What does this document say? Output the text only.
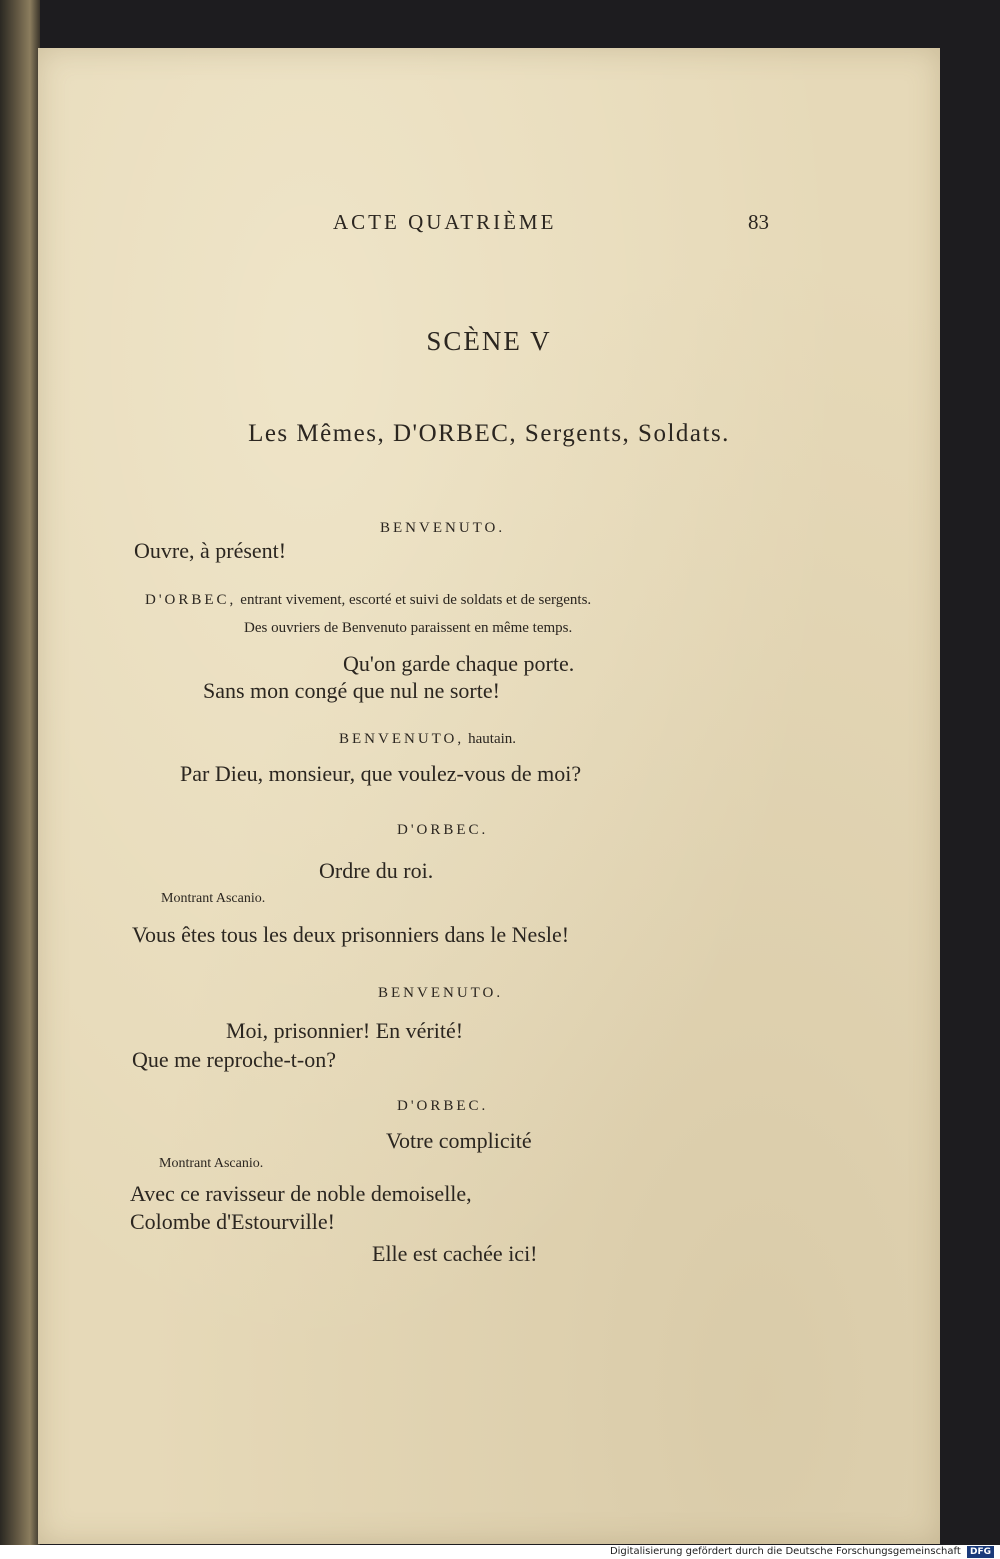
ACTE QUATRIÈME	83
SCÈNE V
Les Mêmes, D'ORBEC, Sergents, Soldats.
BENVENUTO.
Ouvre, à présent!
D'ORBEC, entrant vivement, escorté et suivi de soldats et de sergents.
Des ouvriers de Benvenuto paraissent en même temps.
Qu'on garde chaque porte.
Sans mon congé que nul ne sorte!
BENVENUTO, hautain.
Par Dieu, monsieur, que voulez-vous de moi?
D'ORBEC.
Ordre du roi.
Montrant Ascanio.
Vous êtes tous les deux prisonniers dans le Nesle!
BENVENUTO.
Moi, prisonnier! En vérité!
Que me reproche-t-on?
D'ORBEC.
Votre complicité
Montrant Ascanio.
Avec ce ravisseur de noble demoiselle,
Colombe d'Estourville!
Elle est cachée ici!
Digitalisierung gefördert durch die Deutsche Forschungsgemeinschaft DFG
